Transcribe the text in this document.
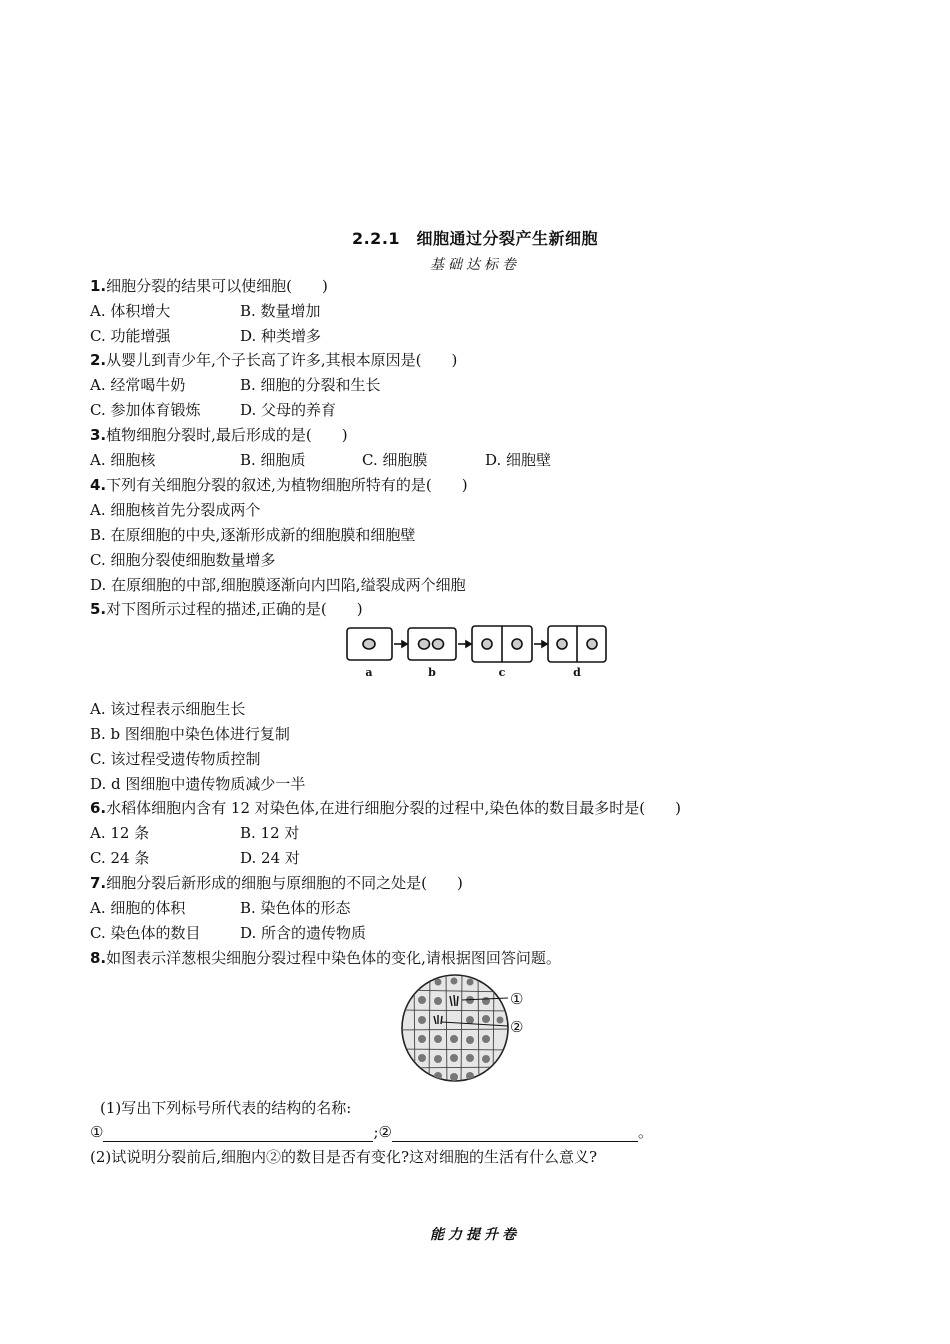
2.2.1　细胞通过分裂产生新细胞
基础达标卷
1.细胞分裂的结果可以使细胞(　　)
A. 体积增大	B. 数量增加
C. 功能增强	D. 种类增多
2.从婴儿到青少年,个子长高了许多,其根本原因是(　　)
A. 经常喝牛奶	B. 细胞的分裂和生长
C. 参加体育锻炼	D. 父母的养育
3.植物细胞分裂时,最后形成的是(　　)
A. 细胞核	B. 细胞质	C. 细胞膜	D. 细胞壁
4.下列有关细胞分裂的叙述,为植物细胞所特有的是(　　)
A. 细胞核首先分裂成两个
B. 在原细胞的中央,逐渐形成新的细胞膜和细胞壁
C. 细胞分裂使细胞数量增多
D. 在原细胞的中部,细胞膜逐渐向内凹陷,缢裂成两个细胞
5.对下图所示过程的描述,正确的是(　　)
a	b	c	d
A. 该过程表示细胞生长
B. b 图细胞中染色体进行复制
C. 该过程受遗传物质控制
D. d 图细胞中遗传物质减少一半
6.水稻体细胞内含有 12 对染色体,在进行细胞分裂的过程中,染色体的数目最多时是(　　)
A. 12 条	B. 12 对
C. 24 条	D. 24 对
7.细胞分裂后新形成的细胞与原细胞的不同之处是(　　)
A. 细胞的体积	B. 染色体的形态
C. 染色体的数目	D. 所含的遗传物质
8.如图表示洋葱根尖细胞分裂过程中染色体的变化,请根据图回答问题。
①
②
(1)写出下列标号所代表的结构的名称:
①	;②	。
(2)试说明分裂前后,细胞内②的数目是否有变化?这对细胞的生活有什么意义?
能力提升卷
